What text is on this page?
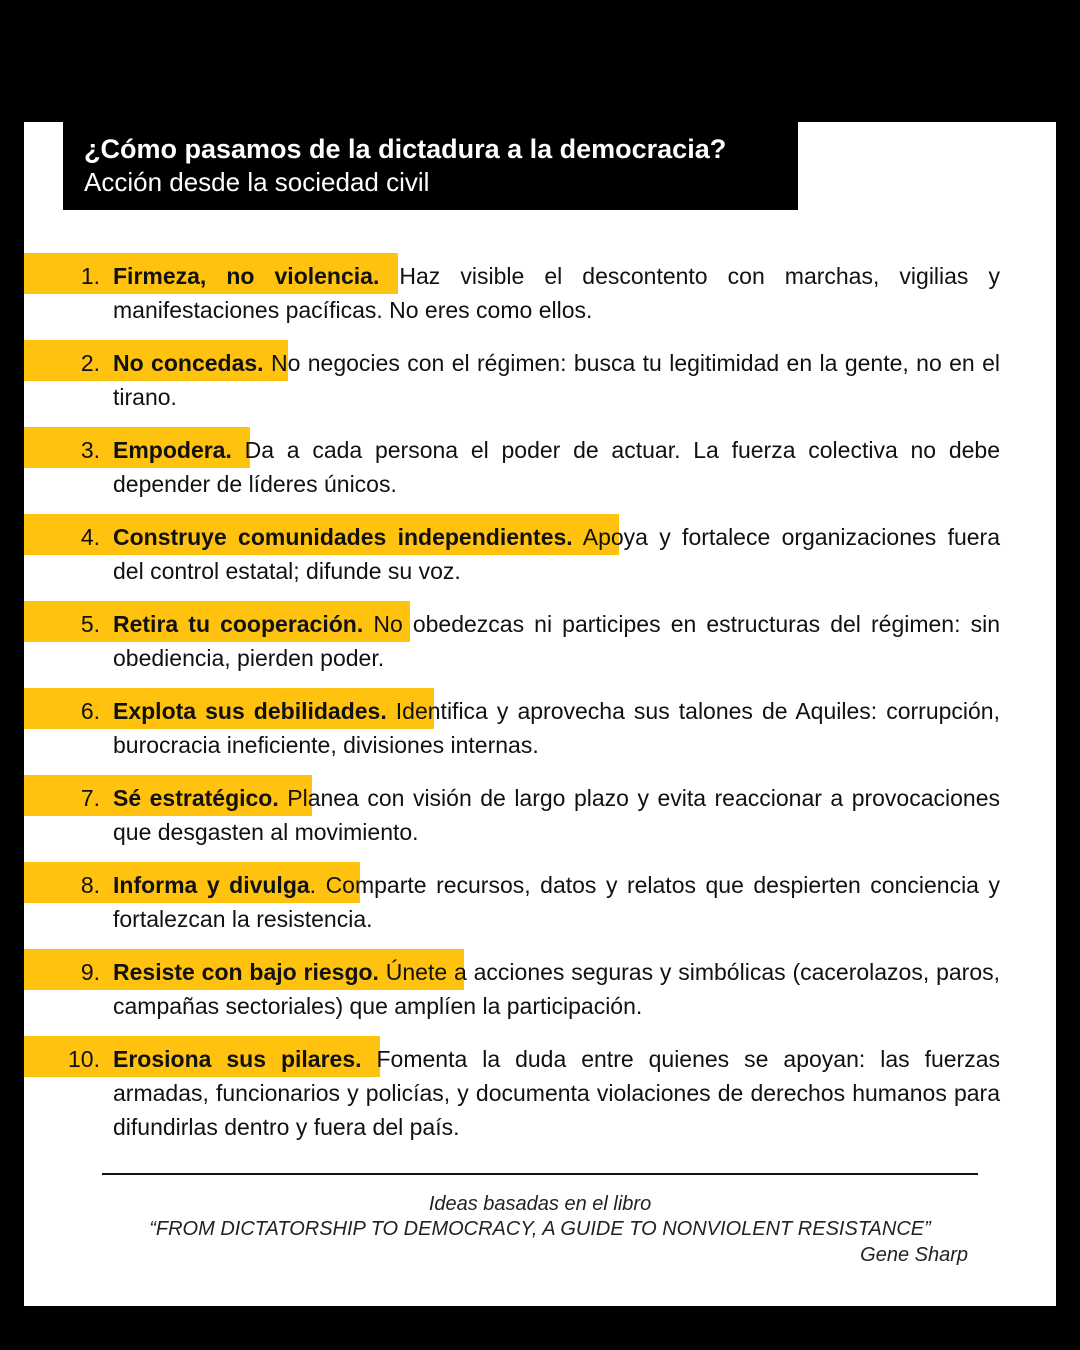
¿Cómo pasamos de la dictadura a la democracia?
Acción desde la sociedad civil
1. Firmeza, no violencia. Haz visible el descontento con marchas, vigilias y manifestaciones pacíficas. No eres como ellos.
2. No concedas. No negocies con el régimen: busca tu legitimidad en la gente, no en el tirano.
3. Empodera. Da a cada persona el poder de actuar. La fuerza colectiva no debe depender de líderes únicos.
4. Construye comunidades independientes. Apoya y fortalece organizaciones fuera del control estatal; difunde su voz.
5. Retira tu cooperación. No obedezcas ni participes en estructuras del régimen: sin obediencia, pierden poder.
6. Explota sus debilidades. Identifica y aprovecha sus talones de Aquiles: corrupción, burocracia ineficiente, divisiones internas.
7. Sé estratégico. Planea con visión de largo plazo y evita reaccionar a provocaciones que desgasten al movimiento.
8. Informa y divulga. Comparte recursos, datos y relatos que despierten conciencia y fortalezcan la resistencia.
9. Resiste con bajo riesgo. Únete a acciones seguras y simbólicas (cacerolazos, paros, campañas sectoriales) que amplíen la participación.
10. Erosiona sus pilares. Fomenta la duda entre quienes se apoyan: las fuerzas armadas, funcionarios y policías, y documenta violaciones de derechos humanos para difundirlas dentro y fuera del país.
Ideas basadas en el libro
“FROM DICTATORSHIP TO DEMOCRACY, A GUIDE TO NONVIOLENT RESISTANCE”
Gene Sharp
